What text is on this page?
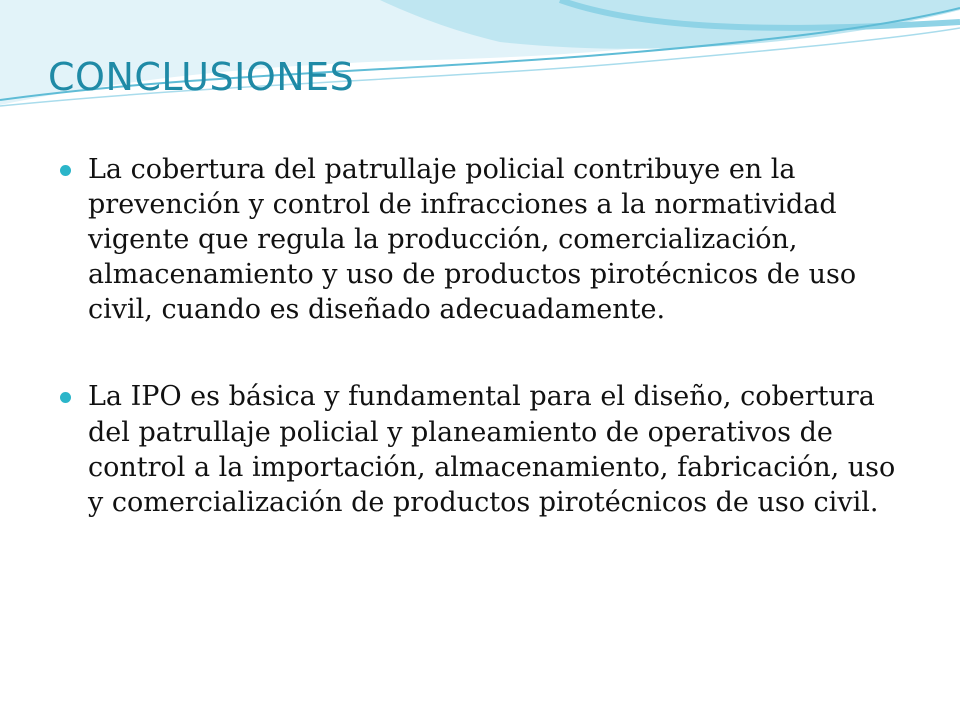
CONCLUSIONES
La cobertura del patrullaje policial contribuye en la prevención y control de infracciones a la normatividad vigente que regula la producción, comercialización, almacenamiento y uso de productos pirotécnicos de uso civil, cuando es diseñado adecuadamente.
La IPO es básica y fundamental para el diseño, cobertura del patrullaje policial y planeamiento de operativos de control a la importación, almacenamiento, fabricación, uso y comercialización de productos pirotécnicos de uso civil.
